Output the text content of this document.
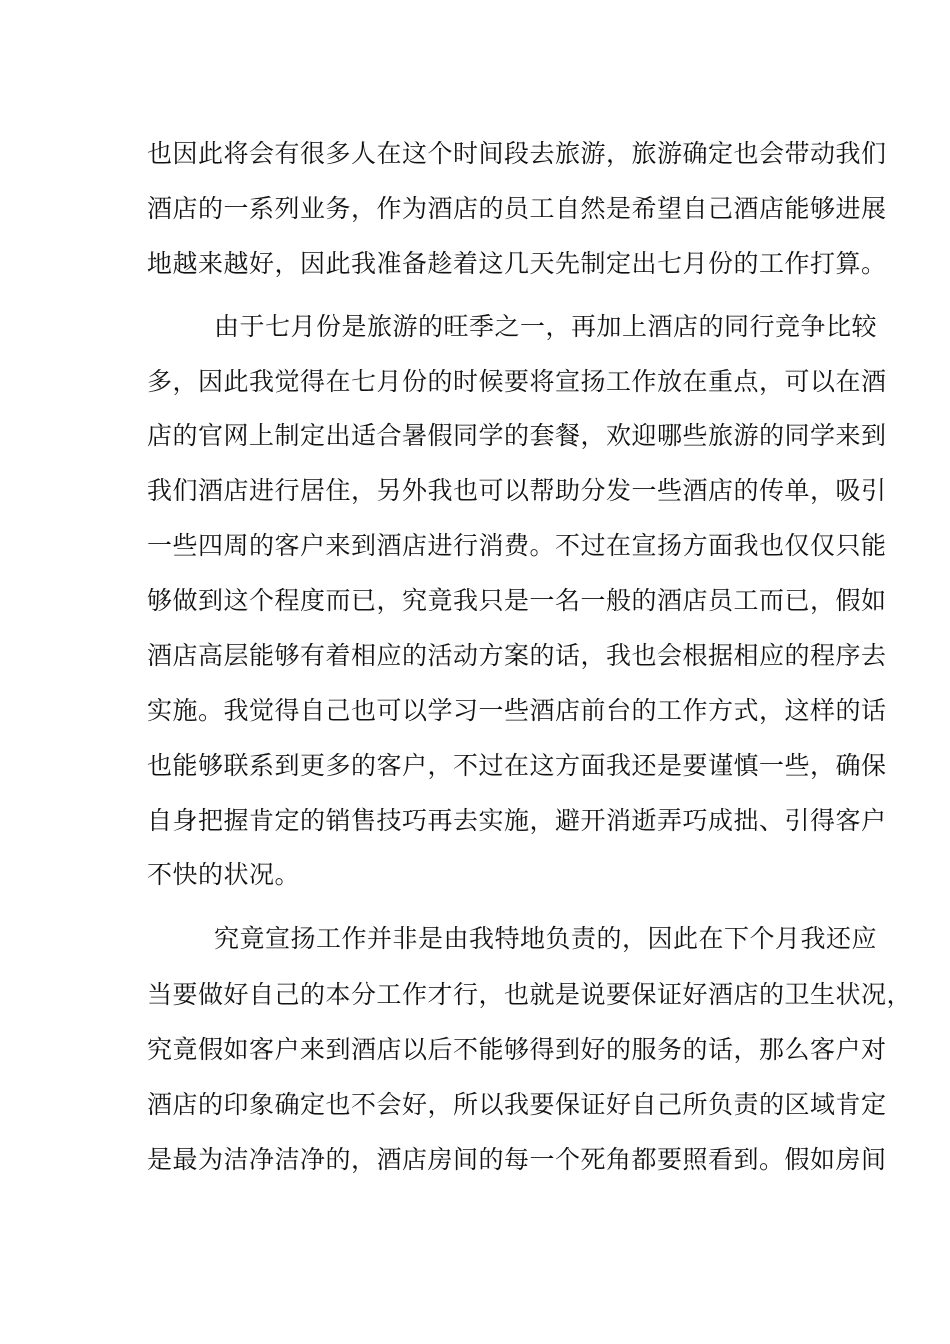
也因此将会有很多人在这个时间段去旅游，旅游确定也会带动我们
酒店的一系列业务，作为酒店的员工自然是希望自己酒店能够进展
地越来越好，因此我准备趁着这几天先制定出七月份的工作打算。
由于七月份是旅游的旺季之一，再加上酒店的同行竞争比较
多，因此我觉得在七月份的时候要将宣扬工作放在重点，可以在酒
店的官网上制定出适合暑假同学的套餐，欢迎哪些旅游的同学来到
我们酒店进行居住，另外我也可以帮助分发一些酒店的传单，吸引
一些四周的客户来到酒店进行消费。不过在宣扬方面我也仅仅只能
够做到这个程度而已，究竟我只是一名一般的酒店员工而已，假如
酒店高层能够有着相应的活动方案的话，我也会根据相应的程序去
实施。我觉得自己也可以学习一些酒店前台的工作方式，这样的话
也能够联系到更多的客户，不过在这方面我还是要谨慎一些，确保
自身把握肯定的销售技巧再去实施，避开消逝弄巧成拙、引得客户
不快的状况。
究竟宣扬工作并非是由我特地负责的，因此在下个月我还应
当要做好自己的本分工作才行，也就是说要保证好酒店的卫生状况，
究竟假如客户来到酒店以后不能够得到好的服务的话，那么客户对
酒店的印象确定也不会好，所以我要保证好自己所负责的区域肯定
是最为洁净洁净的，酒店房间的每一个死角都要照看到。假如房间
